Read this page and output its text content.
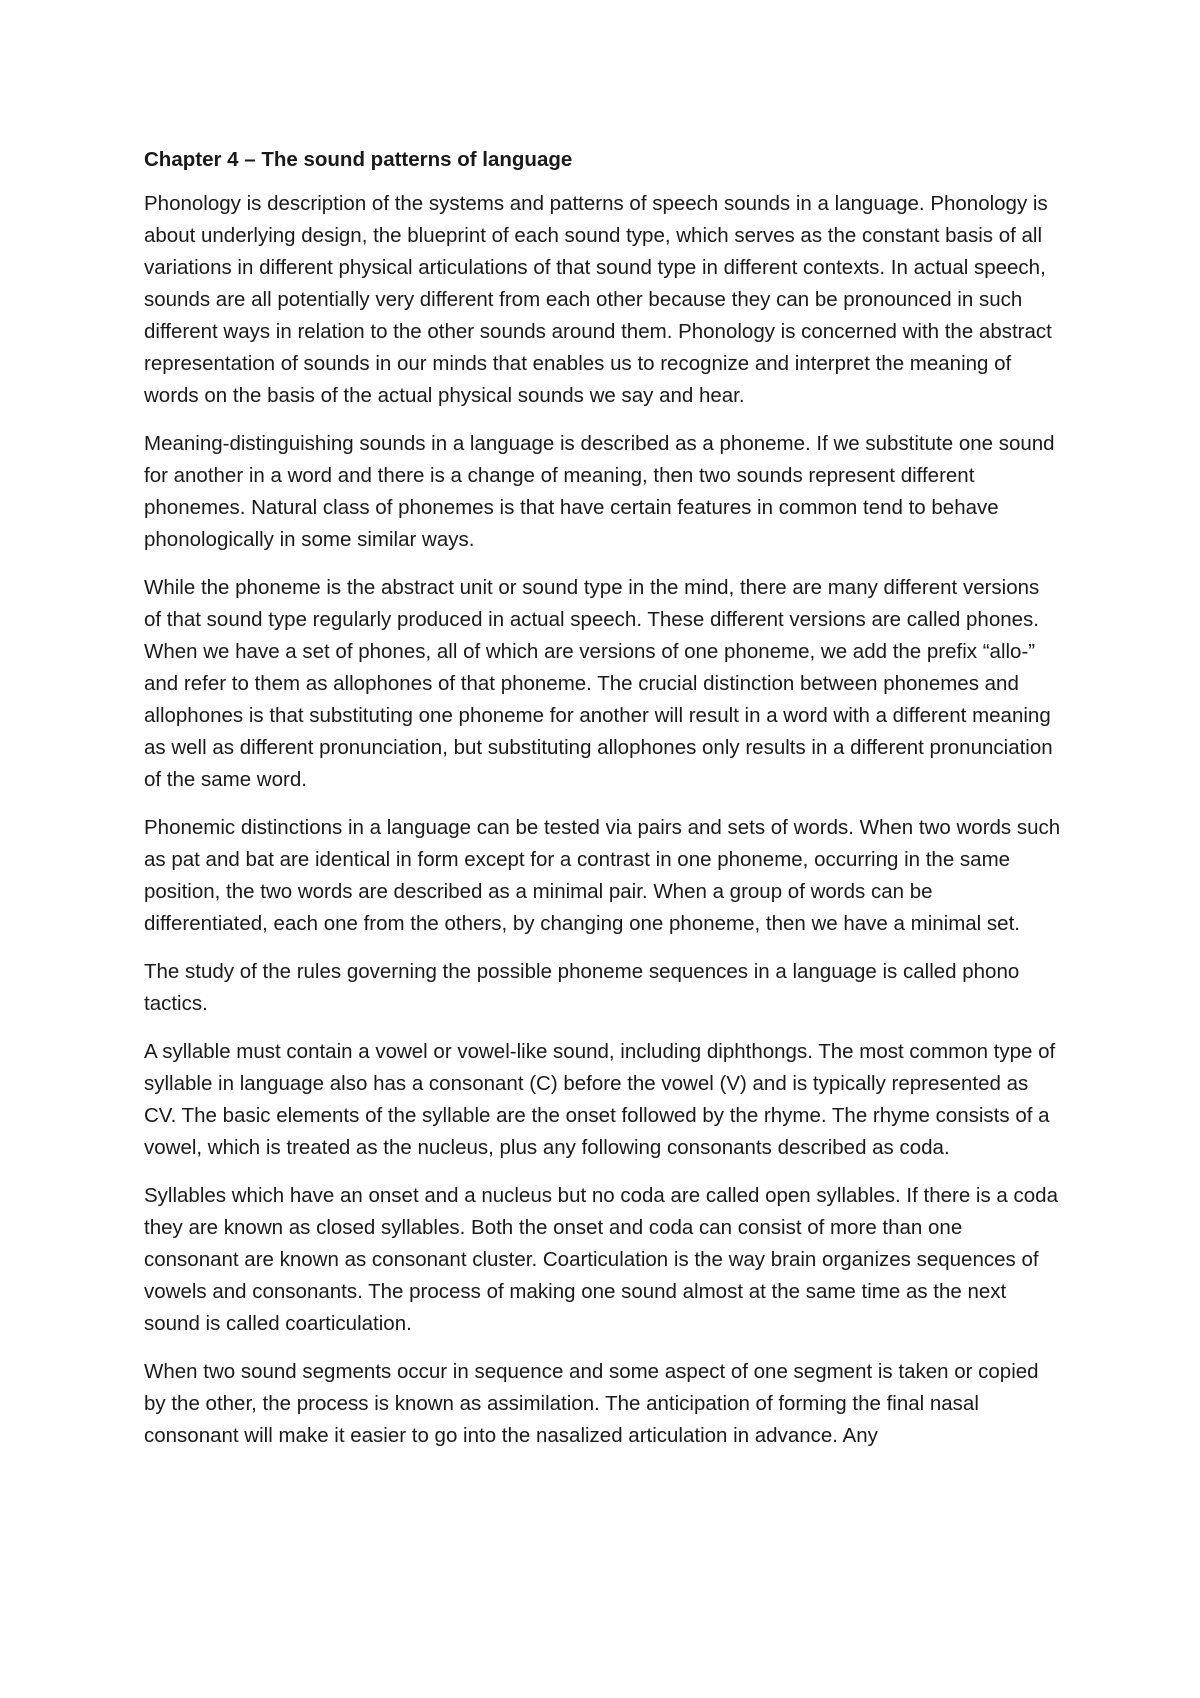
Chapter 4 – The sound patterns of language

Phonology is description of the systems and patterns of speech sounds in a language. Phonology is about underlying design, the blueprint of each sound type, which serves as the constant basis of all variations in different physical articulations of that sound type in different contexts. In actual speech, sounds are all potentially very different from each other because they can be pronounced in such different ways in relation to the other sounds around them. Phonology is concerned with the abstract representation of sounds in our minds that enables us to recognize and interpret the meaning of words on the basis of the actual physical sounds we say and hear.

Meaning-distinguishing sounds in a language is described as a phoneme. If we substitute one sound for another in a word and there is a change of meaning, then two sounds represent different phonemes. Natural class of phonemes is that have certain features in common tend to behave phonologically in some similar ways.

While the phoneme is the abstract unit or sound type in the mind, there are many different versions of that sound type regularly produced in actual speech. These different versions are called phones. When we have a set of phones, all of which are versions of one phoneme, we add the prefix “allo-” and refer to them as allophones of that phoneme. The crucial distinction between phonemes and allophones is that substituting one phoneme for another will result in a word with a different meaning as well as different pronunciation, but substituting allophones only results in a different pronunciation of the same word.

Phonemic distinctions in a language can be tested via pairs and sets of words. When two words such as pat and bat are identical in form except for a contrast in one phoneme, occurring in the same position, the two words are described as a minimal pair. When a group of words can be differentiated, each one from the others, by changing one phoneme, then we have a minimal set.

The study of the rules governing the possible phoneme sequences in a language is called phono tactics.

A syllable must contain a vowel or vowel-like sound, including diphthongs. The most common type of syllable in language also has a consonant (C) before the vowel (V) and is typically represented as CV. The basic elements of the syllable are the onset followed by the rhyme. The rhyme consists of a vowel, which is treated as the nucleus, plus any following consonants described as coda.

Syllables which have an onset and a nucleus but no coda are called open syllables. If there is a coda they are known as closed syllables. Both the onset and coda can consist of more than one consonant are known as consonant cluster. Coarticulation is the way brain organizes sequences of vowels and consonants. The process of making one sound almost at the same time as the next sound is called coarticulation.

When two sound segments occur in sequence and some aspect of one segment is taken or copied by the other, the process is known as assimilation. The anticipation of forming the final nasal consonant will make it easier to go into the nasalized articulation in advance. Any
